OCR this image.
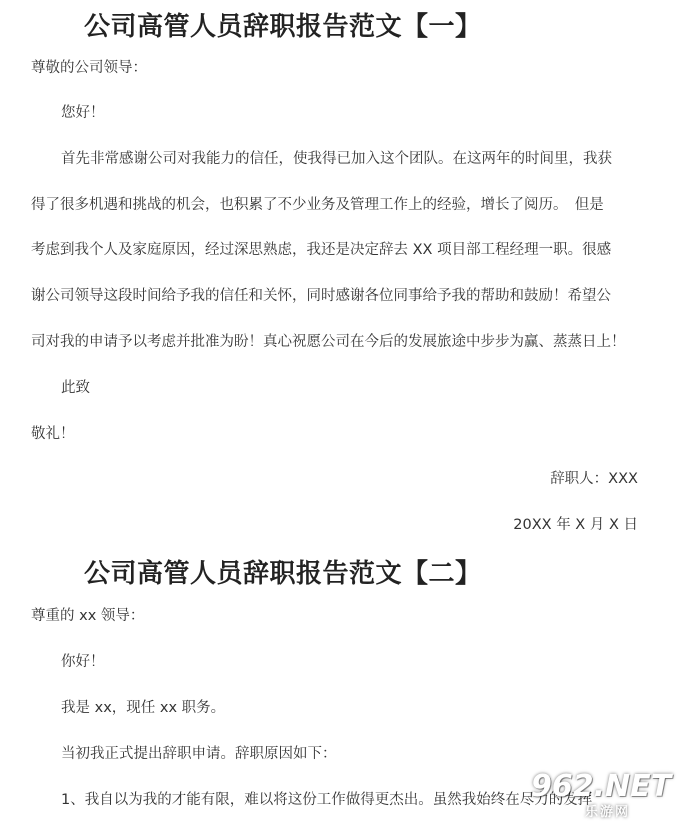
公司高管人员辞职报告范文【一】
尊敬的公司领导：
您好！
首先非常感谢公司对我能力的信任，使我得已加入这个团队。在这两年的时间里，我获
得了很多机遇和挑战的机会，也积累了不少业务及管理工作上的经验，增长了阅历。　但是
考虑到我个人及家庭原因，经过深思熟虑，我还是决定辞去 XX 项目部工程经理一职。很感
谢公司领导这段时间给予我的信任和关怀，同时感谢各位同事给予我的帮助和鼓励！希望公
司对我的申请予以考虑并批准为盼！真心祝愿公司在今后的发展旅途中步步为赢、蒸蒸日上！
此致
敬礼！
辞职人：XXX
20XX 年 X 月 X 日
公司高管人员辞职报告范文【二】
尊重的 xx 领导：
你好！
我是 xx，现任 xx 职务。
当初我正式提出辞职申请。辞职原因如下：
1、我自以为我的才能有限，难以将这份工作做得更杰出。虽然我始终在尽力的发挥
962.NET
乐游网
